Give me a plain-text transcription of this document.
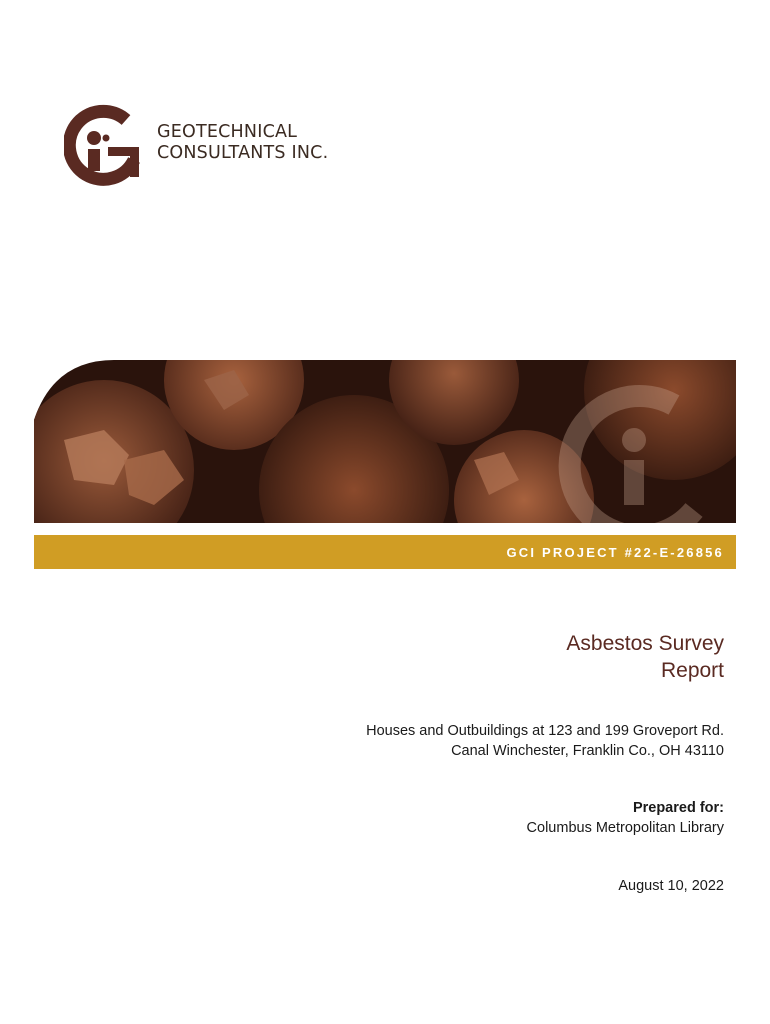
GEOTECHNICAL
CONSULTANTS INC.
GCI PROJECT #22-E-26856
Asbestos Survey
Report
Houses and Outbuildings at 123 and 199 Groveport Rd.
Canal Winchester, Franklin Co., OH 43110
Prepared for:
Columbus Metropolitan Library
August 10, 2022
